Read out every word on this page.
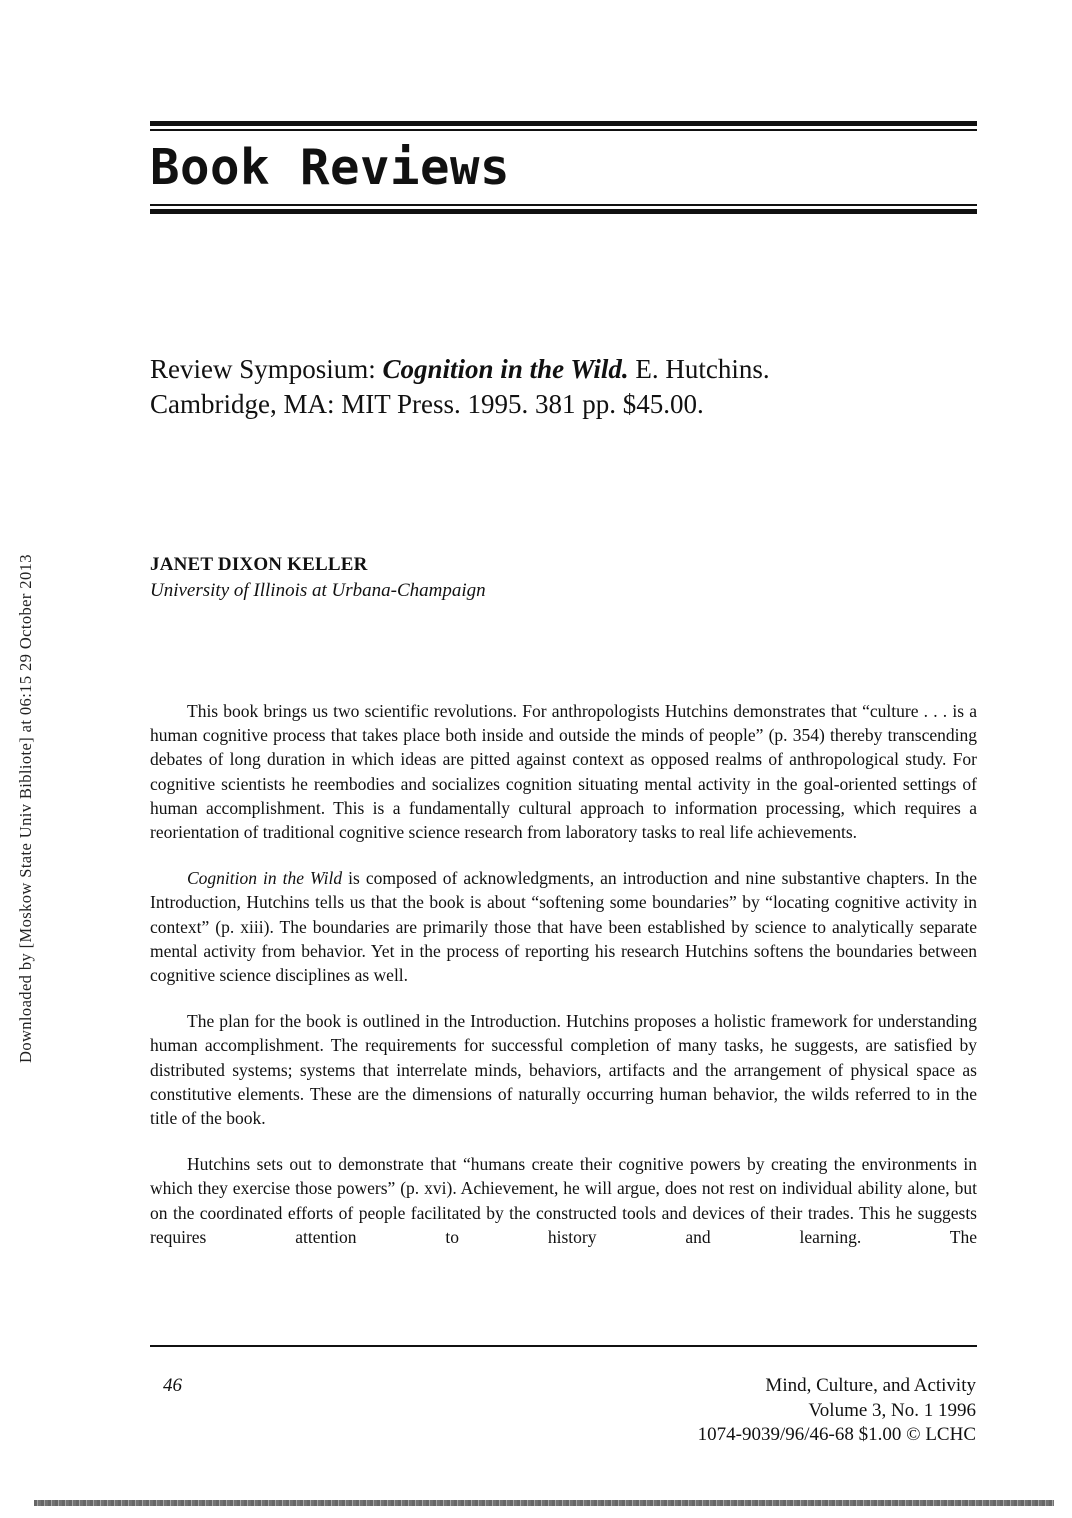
Book Reviews
Review Symposium: Cognition in the Wild. E. Hutchins.
Cambridge, MA: MIT Press. 1995. 381 pp. $45.00.
JANET DIXON KELLER
University of Illinois at Urbana-Champaign

This book brings us two scientific revolutions. For anthropologists Hutchins demonstrates that “culture . . . is a human cognitive process that takes place both inside and outside the minds of people” (p. 354) thereby transcending debates of long duration in which ideas are pitted against context as opposed realms of anthropological study. For cognitive scientists he reembodies and socializes cognition situating mental activity in the goal-oriented settings of human accomplishment. This is a fundamentally cultural approach to information processing, which requires a reorientation of traditional cognitive science research from laboratory tasks to real life achievements.

Cognition in the Wild is composed of acknowledgments, an introduction and nine substantive chapters. In the Introduction, Hutchins tells us that the book is about “softening some boundaries” by “locating cognitive activity in context” (p. xiii). The boundaries are primarily those that have been established by science to analytically separate mental activity from behavior. Yet in the process of reporting his research Hutchins softens the boundaries between cognitive science disciplines as well.

The plan for the book is outlined in the Introduction. Hutchins proposes a holistic framework for understanding human accomplishment. The requirements for successful completion of many tasks, he suggests, are satisfied by distributed systems; systems that interrelate minds, behaviors, artifacts and the arrangement of physical space as constitutive elements. These are the dimensions of naturally occurring human behavior, the wilds referred to in the title of the book.

Hutchins sets out to demonstrate that “humans create their cognitive powers by creating the environments in which they exercise those powers” (p. xvi). Achievement, he will argue, does not rest on individual ability alone, but on the coordinated efforts of people facilitated by the constructed tools and devices of their trades. This he suggests requires attention to history and learning. The

46	Mind, Culture, and Activity
Volume 3, No. 1 1996
1074-9039/96/46-68 $1.00 © LCHC
Downloaded by [Moskow State Univ Bibliote] at 06:15 29 October 2013
